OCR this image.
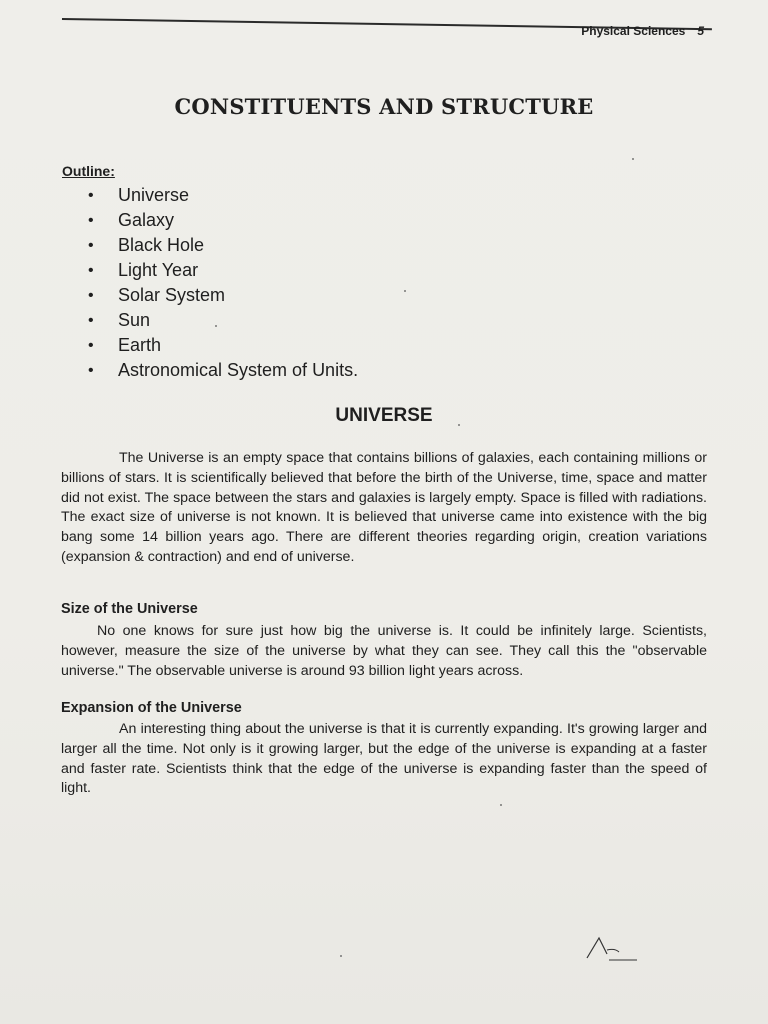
Physical Sciences 5
CONSTITUENTS AND STRUCTURE
Outline:
•	Universe
•	Galaxy
•	Black Hole
•	Light Year
•	Solar System
•	Sun
•	Earth
•	Astronomical System of Units.
UNIVERSE

The Universe is an empty space that contains billions of galaxies, each containing millions or billions of stars. It is scientifically believed that before the birth of the Universe, time, space and matter did not exist. The space between the stars and galaxies is largely empty. Space is filled with radiations. The exact size of universe is not known. It is believed that universe came into existence with the big bang some 14 billion years ago. There are different theories regarding origin, creation variations (expansion & contraction) and end of universe.

Size of the Universe

No one knows for sure just how big the universe is. It could be infinitely large. Scientists, however, measure the size of the universe by what they can see. They call this the "observable universe." The observable universe is around 93 billion light years across.

Expansion of the Universe

An interesting thing about the universe is that it is currently expanding. It's growing larger and larger all the time. Not only is it growing larger, but the edge of the universe is expanding at a faster and faster rate. Scientists think that the edge of the universe is expanding faster than the speed of light.
